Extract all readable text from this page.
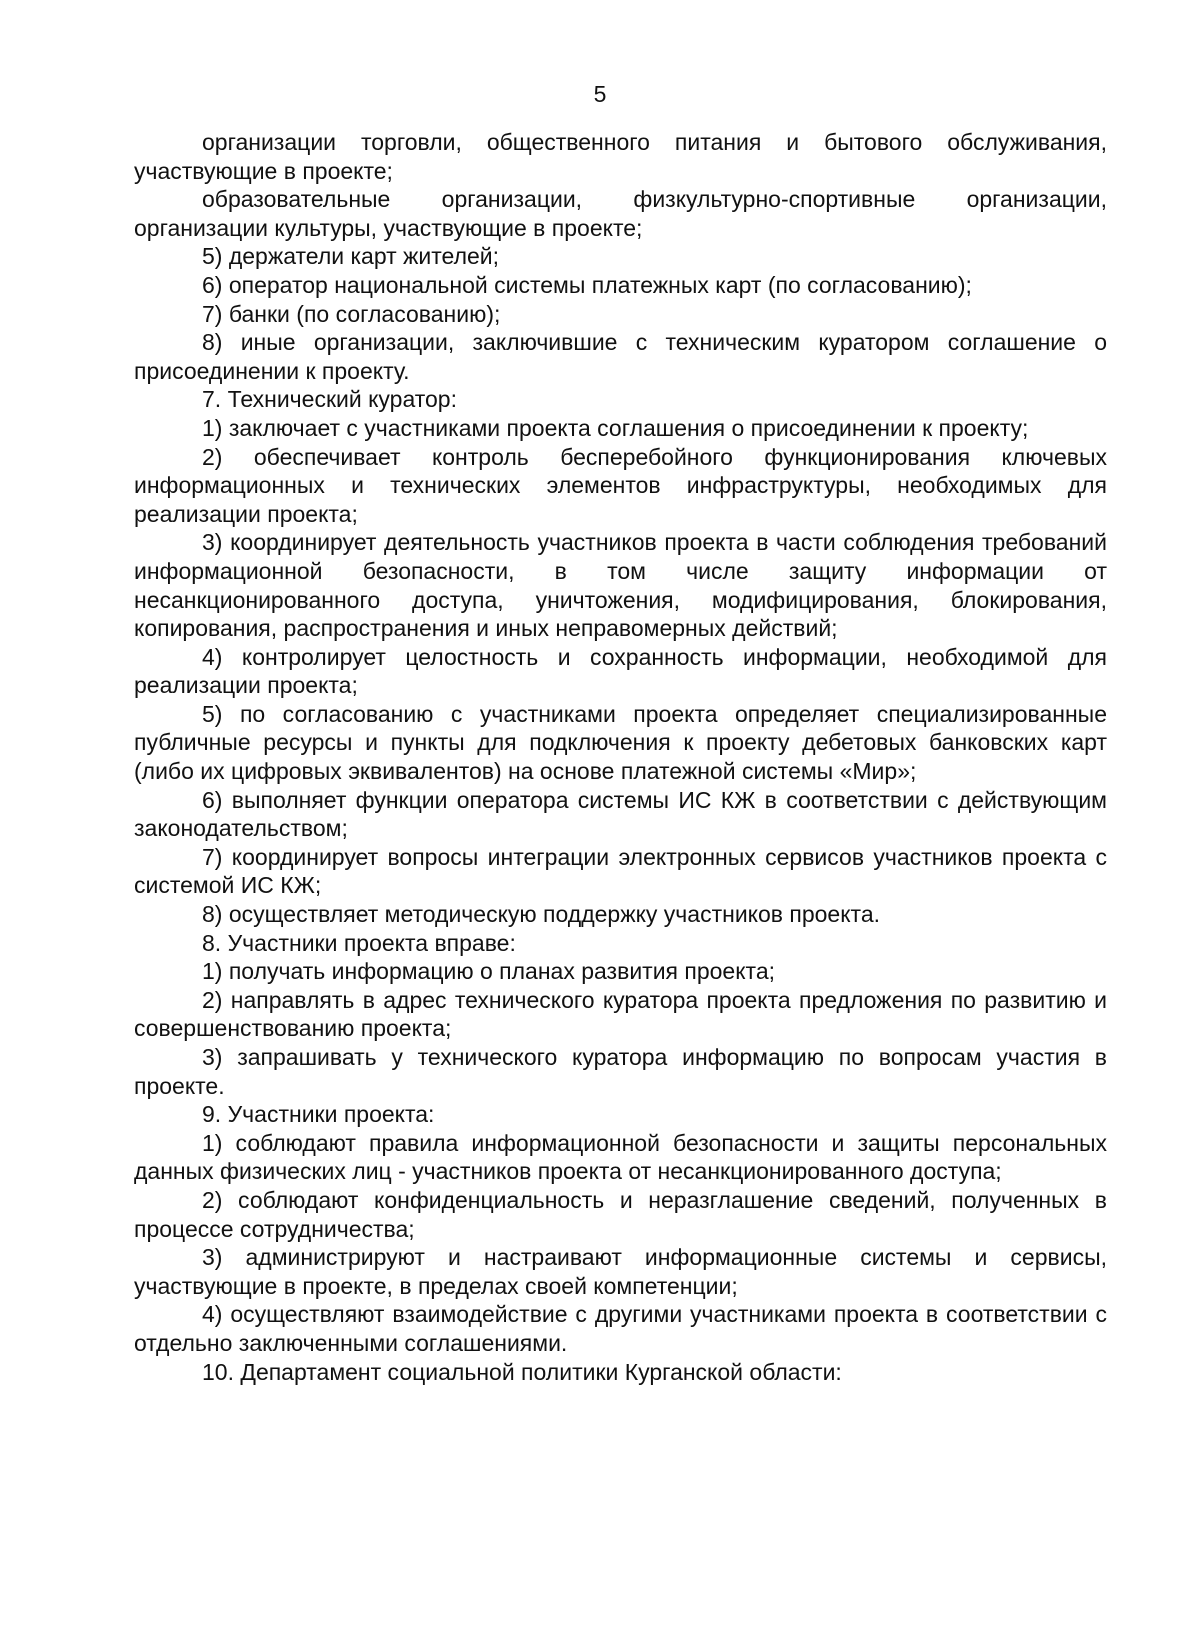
5

организации торговли, общественного питания и бытового обслуживания, участвующие в проекте;

образовательные организации, физкультурно-спортивные организации, организации культуры, участвующие в проекте;

5) держатели карт жителей;

6) оператор национальной системы платежных карт (по согласованию);

7) банки (по согласованию);

8) иные организации, заключившие с техническим куратором соглашение о присоединении к проекту.

7. Технический куратор:

1) заключает с участниками проекта соглашения о присоединении к проекту;

2) обеспечивает контроль бесперебойного функционирования ключевых информационных и технических элементов инфраструктуры, необходимых для реализации проекта;

3) координирует деятельность участников проекта в части соблюдения требований информационной безопасности, в том числе защиту информации от несанкционированного доступа, уничтожения, модифицирования, блокирования, копирования, распространения и иных неправомерных действий;

4) контролирует целостность и сохранность информации, необходимой для реализации проекта;

5) по согласованию с участниками проекта определяет специализированные публичные ресурсы и пункты для подключения к проекту дебетовых банковских карт (либо их цифровых эквивалентов) на основе платежной системы «Мир»;

6) выполняет функции оператора системы ИС КЖ в соответствии с действующим законодательством;

7) координирует вопросы интеграции электронных сервисов участников проекта с системой ИС КЖ;

8) осуществляет методическую поддержку участников проекта.

8. Участники проекта вправе:

1) получать информацию о планах развития проекта;

2) направлять в адрес технического куратора проекта предложения по развитию и совершенствованию проекта;

3) запрашивать у технического куратора информацию по вопросам участия в проекте.

9. Участники проекта:

1) соблюдают правила информационной безопасности и защиты персональных данных физических лиц - участников проекта от несанкционированного доступа;

2) соблюдают конфиденциальность и неразглашение сведений, полученных в процессе сотрудничества;

3) администрируют и настраивают информационные системы и сервисы, участвующие в проекте, в пределах своей компетенции;

4) осуществляют взаимодействие с другими участниками проекта в соответствии с отдельно заключенными соглашениями.

10. Департамент социальной политики Курганской области:
